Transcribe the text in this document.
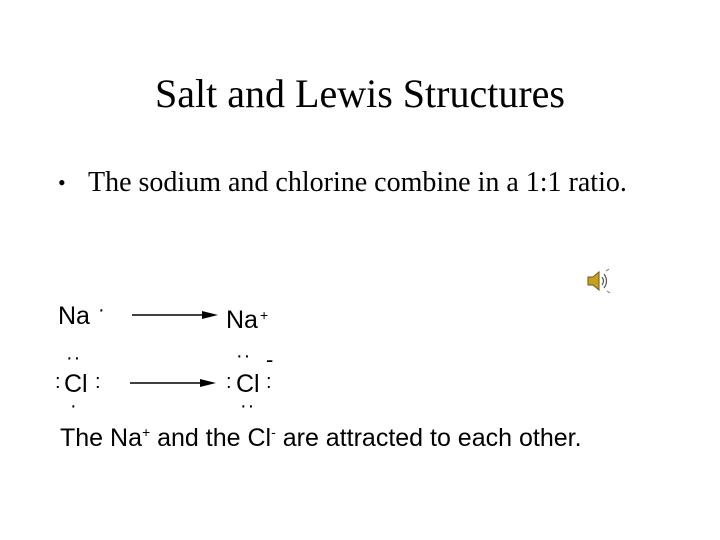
Salt and Lewis Structures
• The sodium and chlorine combine in a 1:1 ratio.
Na ·	Na +
··
: Cl :
·
·· -
: Cl :
··
The Na+ and the Cl- are attracted to each other.
